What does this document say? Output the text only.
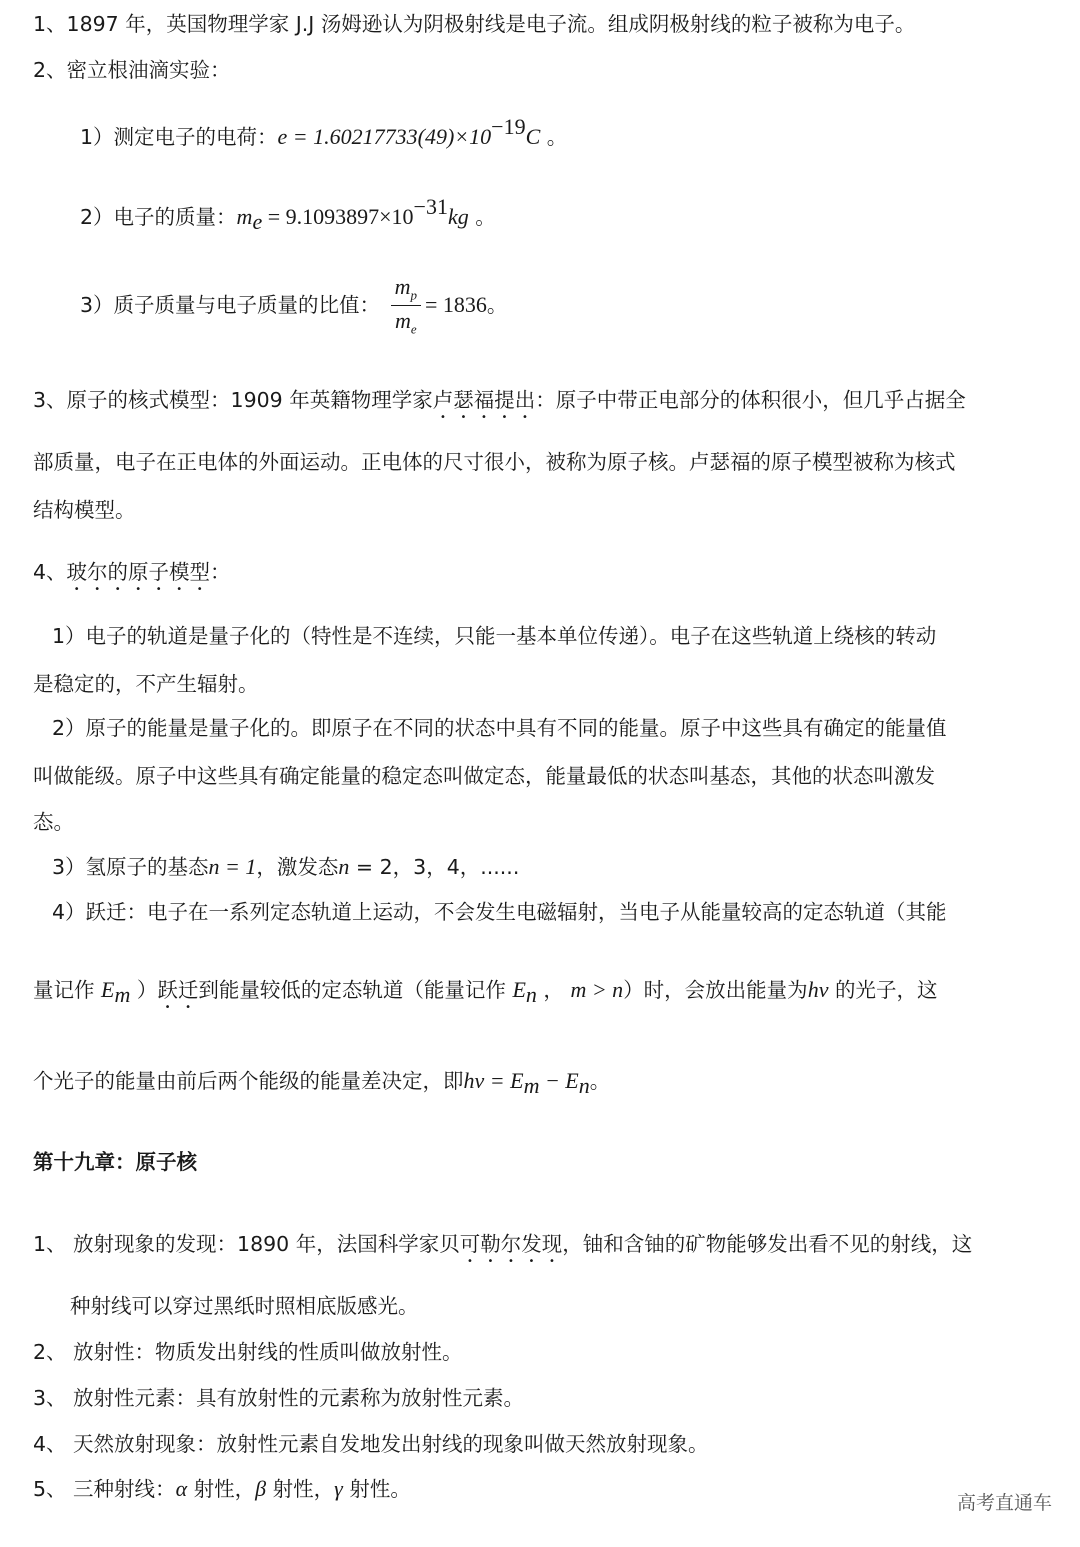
1、1897 年，英国物理学家 J.J 汤姆逊认为阴极射线是电子流。组成阴极射线的粒子被称为电子。
2、密立根油滴实验：
1）测定电子的电荷：$e = 1.60217733(49)\times 10^{-19}C$ 。
2）电子的质量：$m_e = 9.1093897\times 10^{-31}kg$ 。
3）质子质量与电子质量的比值： $\frac{m_p}{m_e} = 1836$。
3、原子的核式模型：1909 年英籍物理学家卢瑟福提出：原子中带正电部分的体积很小，但几乎占据全
部质量，电子在正电体的外面运动。正电体的尺寸很小，被称为原子核。卢瑟福的原子模型被称为核式
结构模型。
4、玻尔的原子模型：
1）电子的轨道是量子化的（特性是不连续，只能一基本单位传递）。电子在这些轨道上绕核的转动
是稳定的，不产生辐射。
2）原子的能量是量子化的。即原子在不同的状态中具有不同的能量。原子中这些具有确定的能量值
叫做能级。原子中这些具有确定能量的稳定态叫做定态，能量最低的状态叫基态，其他的状态叫激发
态。
3）氢原子的基态n = 1，激发态n = 2，3，4，......
4）跃迁：电子在一系列定态轨道上运动，不会发生电磁辐射，当电子从能量较高的定态轨道（其能
量记作 $E_m$ ）跃迁到能量较低的定态轨道（能量记作 $E_n$ ， m > n）时，会放出能量为hν 的光子，这
个光子的能量由前后两个能级的能量差决定，即$h\nu = E_m - E_n$。
第十九章：原子核
1、 放射现象的发现：1890 年，法国科学家贝可勒尔发现，铀和含铀的矿物能够发出看不见的射线，这
种射线可以穿过黑纸时照相底版感光。
2、 放射性：物质发出射线的性质叫做放射性。
3、 放射性元素：具有放射性的元素称为放射性元素。
4、 天然放射现象：放射性元素自发地发出射线的现象叫做天然放射现象。
5、 三种射线：α 射性，β 射性，γ 射性。
高考直通车
